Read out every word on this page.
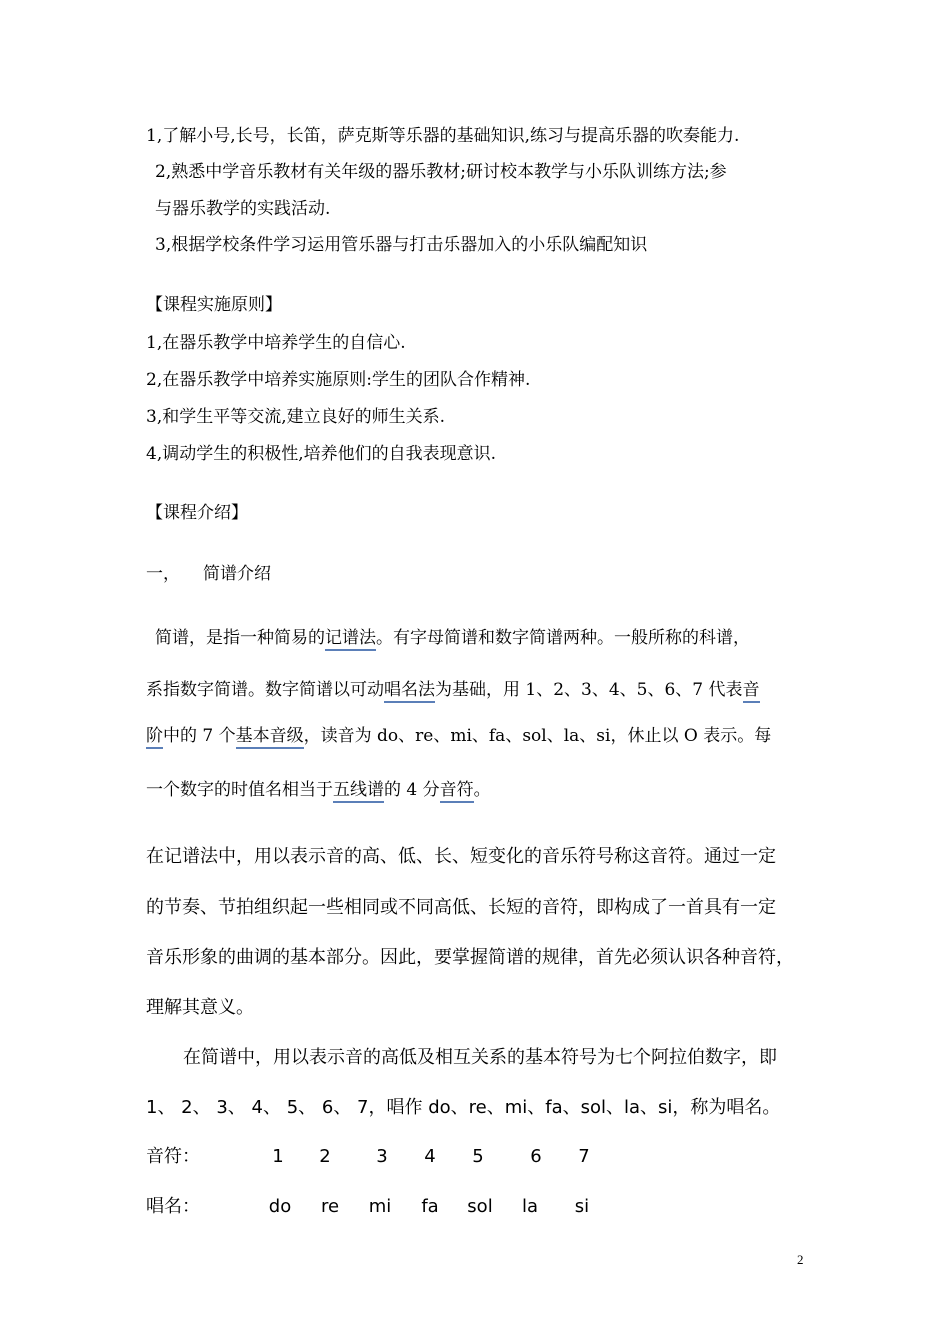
1,了解小号,长号，长笛，萨克斯等乐器的基础知识,练习与提高乐器的吹奏能力.
2,熟悉中学音乐教材有关年级的器乐教材;研讨校本教学与小乐队训练方法;参
与器乐教学的实践活动.
3,根据学校条件学习运用管乐器与打击乐器加入的小乐队编配知识
【课程实施原则】
1,在器乐教学中培养学生的自信心.
2,在器乐教学中培养实施原则:学生的团队合作精神.
3,和学生平等交流,建立良好的师生关系.
4,调动学生的积极性,培养他们的自我表现意识.
【课程介绍】
一， 简谱介绍
简谱，是指一种简易的记谱法。有字母简谱和数字简谱两种。一般所称的科谱，
系指数字简谱。数字简谱以可动唱名法为基础，用 1、2、3、4、5、6、7 代表音
阶中的 7 个基本音级，读音为 do、re、mi、fa、sol、la、si，休止以 O 表示。每
一个数字的时值名相当于五线谱的 4 分音符。
在记谱法中，用以表示音的高、低、长、短变化的音乐符号称这音符。通过一定
的节奏、节拍组织起一些相同或不同高低、长短的音符，即构成了一首具有一定
音乐形象的曲调的基本部分。因此，要掌握简谱的规律，首先必须认识各种音符，
理解其意义。
在简谱中，用以表示音的高低及相互关系的基本符号为七个阿拉伯数字，即
1、 2、 3、 4、 5、 6、 7，唱作 do、re、mi、fa、sol、la、si，称为唱名。
音符：	1	2	3	4	5	6	7
唱名：	do	re	mi	fa	sol	la	si
2
